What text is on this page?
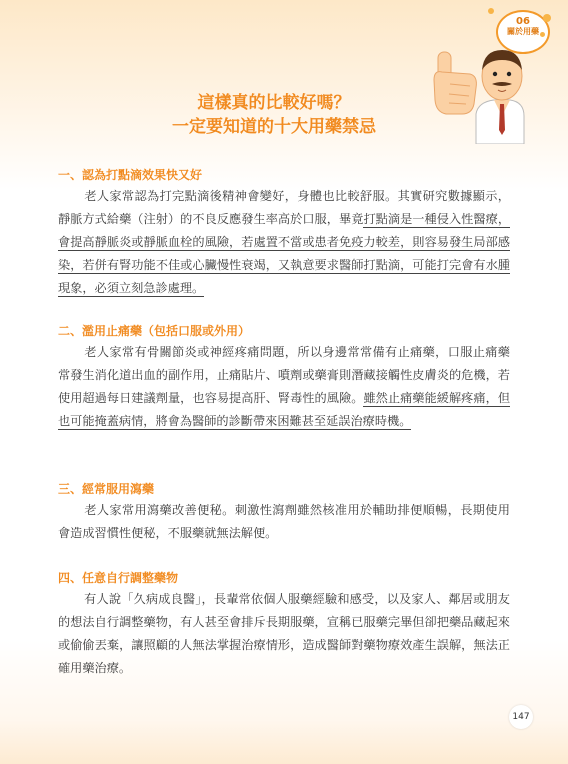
06
關於用藥
這樣真的比較好嗎？
一定要知道的十大用藥禁忌
一、認為打點滴效果快又好

老人家常認為打完點滴後精神會變好，身體也比較舒服。其實研究數據顯示，靜脈方式給藥（注射）的不良反應發生率高於口服，畢竟打點滴是一種侵入性醫療，會提高靜脈炎或靜脈血栓的風險，若處置不當或患者免疫力較差，則容易發生局部感染，若併有腎功能不佳或心臟慢性衰竭，又執意要求醫師打點滴，可能打完會有水腫現象，必須立刻急診處理。

二、濫用止痛藥（包括口服或外用）

老人家常有骨關節炎或神經疼痛問題，所以身邊常常備有止痛藥，口服止痛藥常發生消化道出血的副作用，止痛貼片、噴劑或藥膏則潛藏接觸性皮膚炎的危機，若使用超過每日建議劑量，也容易提高肝、腎毒性的風險。雖然止痛藥能緩解疼痛，但也可能掩蓋病情，將會為醫師的診斷帶來困難甚至延誤治療時機。

三、經常服用瀉藥

老人家常用瀉藥改善便秘。刺激性瀉劑雖然核准用於輔助排便順暢，長期使用會造成習慣性便秘，不服藥就無法解便。

四、任意自行調整藥物

有人說「久病成良醫」，長輩常依個人服藥經驗和感受，以及家人、鄰居或朋友的想法自行調整藥物，有人甚至會排斥長期服藥，宣稱已服藥完畢但卻把藥品藏起來或偷偷丟棄，讓照顧的人無法掌握治療情形，造成醫師對藥物療效產生誤解，無法正確用藥治療。

147
